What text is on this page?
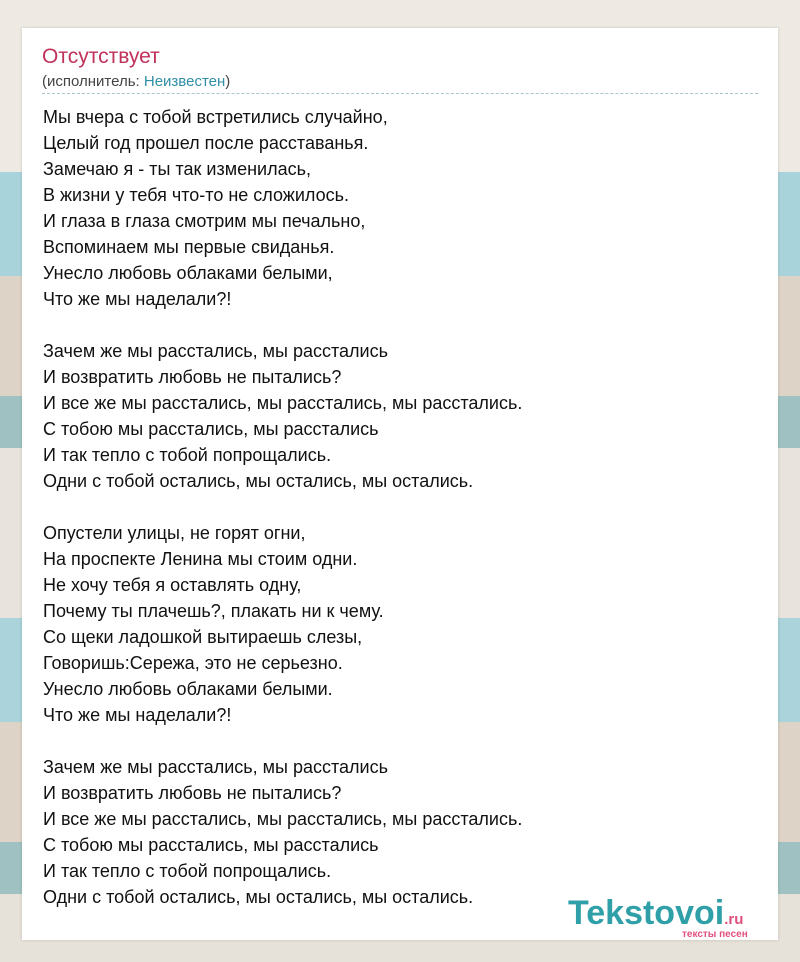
Отсутствует
(исполнитель: Неизвестен)
Мы вчера с тобой встретились случайно,
Целый год прошел после расставанья.
Замечаю я - ты так изменилась,
В жизни у тебя что-то не сложилось.
И глаза в глаза смотрим мы печально,
Вспоминаем мы первые свиданья.
Унесло любовь облаками белыми,
Что же мы наделали?!
Зачем же мы расстались, мы расстались
И возвратить любовь не пытались?
И все же мы расстались, мы расстались, мы расстались.
С тобою мы расстались, мы расстались
И так тепло с тобой попрощались.
Одни с тобой остались, мы остались, мы остались.
Опустели улицы, не горят огни,
На проспекте Ленина мы стоим одни.
Не хочу тебя я оставлять одну,
Почему ты плачешь?, плакать ни к чему.
Со щеки ладошкой вытираешь слезы,
Говоришь:Сережа, это не серьезно.
Унесло любовь облаками белыми.
Что же мы наделали?!
Зачем же мы расстались, мы расстались
И возвратить любовь не пытались?
И все же мы расстались, мы расстались, мы расстались.
С тобою мы расстались, мы расстались
И так тепло с тобой попрощались.
Одни с тобой остались, мы остались, мы остались.	Tekstovoi.ru
тексты песен
